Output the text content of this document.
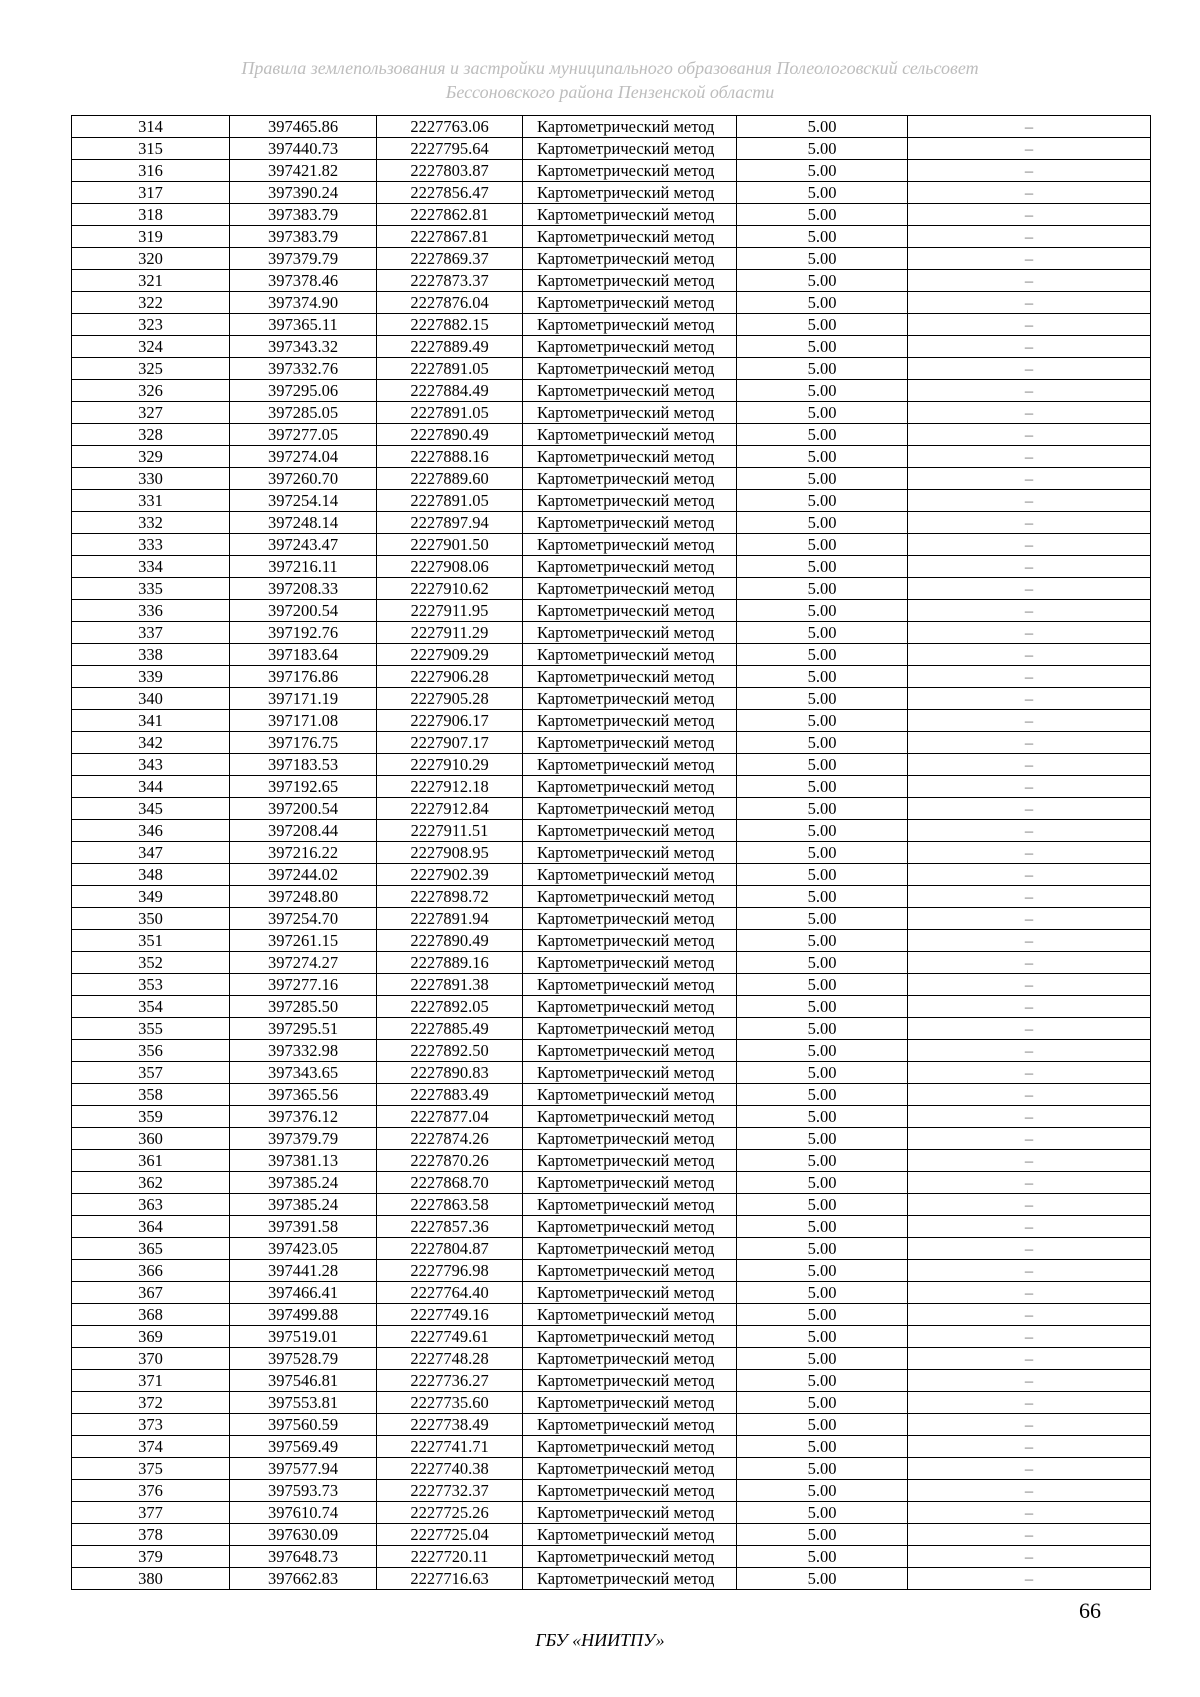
Правила землепользования и застройки муниципального образования Полеологовский сельсовет
Бессоновского района Пензенской области
314	397465.86	2227763.06	Картометрический метод	5.00	–
315	397440.73	2227795.64	Картометрический метод	5.00	–
316	397421.82	2227803.87	Картометрический метод	5.00	–
317	397390.24	2227856.47	Картометрический метод	5.00	–
318	397383.79	2227862.81	Картометрический метод	5.00	–
319	397383.79	2227867.81	Картометрический метод	5.00	–
320	397379.79	2227869.37	Картометрический метод	5.00	–
321	397378.46	2227873.37	Картометрический метод	5.00	–
322	397374.90	2227876.04	Картометрический метод	5.00	–
323	397365.11	2227882.15	Картометрический метод	5.00	–
324	397343.32	2227889.49	Картометрический метод	5.00	–
325	397332.76	2227891.05	Картометрический метод	5.00	–
326	397295.06	2227884.49	Картометрический метод	5.00	–
327	397285.05	2227891.05	Картометрический метод	5.00	–
328	397277.05	2227890.49	Картометрический метод	5.00	–
329	397274.04	2227888.16	Картометрический метод	5.00	–
330	397260.70	2227889.60	Картометрический метод	5.00	–
331	397254.14	2227891.05	Картометрический метод	5.00	–
332	397248.14	2227897.94	Картометрический метод	5.00	–
333	397243.47	2227901.50	Картометрический метод	5.00	–
334	397216.11	2227908.06	Картометрический метод	5.00	–
335	397208.33	2227910.62	Картометрический метод	5.00	–
336	397200.54	2227911.95	Картометрический метод	5.00	–
337	397192.76	2227911.29	Картометрический метод	5.00	–
338	397183.64	2227909.29	Картометрический метод	5.00	–
339	397176.86	2227906.28	Картометрический метод	5.00	–
340	397171.19	2227905.28	Картометрический метод	5.00	–
341	397171.08	2227906.17	Картометрический метод	5.00	–
342	397176.75	2227907.17	Картометрический метод	5.00	–
343	397183.53	2227910.29	Картометрический метод	5.00	–
344	397192.65	2227912.18	Картометрический метод	5.00	–
345	397200.54	2227912.84	Картометрический метод	5.00	–
346	397208.44	2227911.51	Картометрический метод	5.00	–
347	397216.22	2227908.95	Картометрический метод	5.00	–
348	397244.02	2227902.39	Картометрический метод	5.00	–
349	397248.80	2227898.72	Картометрический метод	5.00	–
350	397254.70	2227891.94	Картометрический метод	5.00	–
351	397261.15	2227890.49	Картометрический метод	5.00	–
352	397274.27	2227889.16	Картометрический метод	5.00	–
353	397277.16	2227891.38	Картометрический метод	5.00	–
354	397285.50	2227892.05	Картометрический метод	5.00	–
355	397295.51	2227885.49	Картометрический метод	5.00	–
356	397332.98	2227892.50	Картометрический метод	5.00	–
357	397343.65	2227890.83	Картометрический метод	5.00	–
358	397365.56	2227883.49	Картометрический метод	5.00	–
359	397376.12	2227877.04	Картометрический метод	5.00	–
360	397379.79	2227874.26	Картометрический метод	5.00	–
361	397381.13	2227870.26	Картометрический метод	5.00	–
362	397385.24	2227868.70	Картометрический метод	5.00	–
363	397385.24	2227863.58	Картометрический метод	5.00	–
364	397391.58	2227857.36	Картометрический метод	5.00	–
365	397423.05	2227804.87	Картометрический метод	5.00	–
366	397441.28	2227796.98	Картометрический метод	5.00	–
367	397466.41	2227764.40	Картометрический метод	5.00	–
368	397499.88	2227749.16	Картометрический метод	5.00	–
369	397519.01	2227749.61	Картометрический метод	5.00	–
370	397528.79	2227748.28	Картометрический метод	5.00	–
371	397546.81	2227736.27	Картометрический метод	5.00	–
372	397553.81	2227735.60	Картометрический метод	5.00	–
373	397560.59	2227738.49	Картометрический метод	5.00	–
374	397569.49	2227741.71	Картометрический метод	5.00	–
375	397577.94	2227740.38	Картометрический метод	5.00	–
376	397593.73	2227732.37	Картометрический метод	5.00	–
377	397610.74	2227725.26	Картометрический метод	5.00	–
378	397630.09	2227725.04	Картометрический метод	5.00	–
379	397648.73	2227720.11	Картометрический метод	5.00	–
380	397662.83	2227716.63	Картометрический метод	5.00	–
66
ГБУ «НИИТПУ»
